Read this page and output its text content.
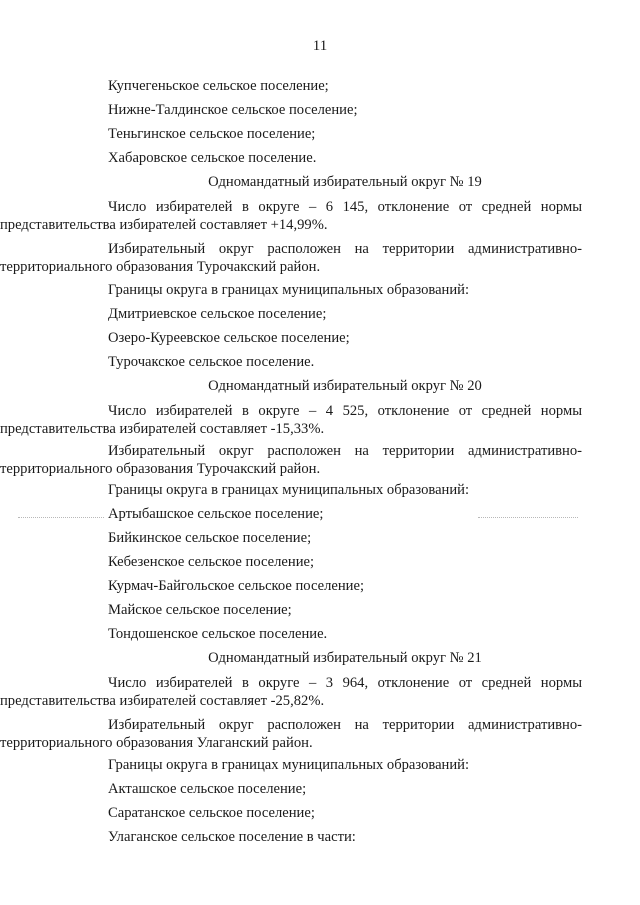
11
Купчегеньское сельское поселение;
Нижне-Талдинское сельское поселение;
Теньгинское сельское поселение;
Хабаровское сельское поселение.
Одномандатный избирательный округ № 19
Число избирателей в округе – 6 145, отклонение от средней нормы
представительства избирателей составляет +14,99%.
Избирательный округ расположен на территории административно-
территориального образования Турочакский район.
Границы округа в границах муниципальных образований:
Дмитриевское сельское поселение;
Озеро-Куреевское сельское поселение;
Турочакское сельское поселение.
Одномандатный избирательный округ № 20
Число избирателей в округе – 4 525, отклонение от средней нормы
представительства избирателей составляет -15,33%.
Избирательный округ расположен на территории административно-
территориального образования Турочакский район.
Границы округа в границах муниципальных образований:
Артыбашское сельское поселение;
Бийкинское сельское поселение;
Кебезенское сельское поселение;
Курмач-Байгольское сельское поселение;
Майское сельское поселение;
Тондошенское сельское поселение.
Одномандатный избирательный округ № 21
Число избирателей в округе – 3 964, отклонение от средней нормы
представительства избирателей составляет -25,82%.
Избирательный округ расположен на территории административно-
территориального образования Улаганский район.
Границы округа в границах муниципальных образований:
Акташское сельское поселение;
Саратанское сельское поселение;
Улаганское сельское поселение в части:
